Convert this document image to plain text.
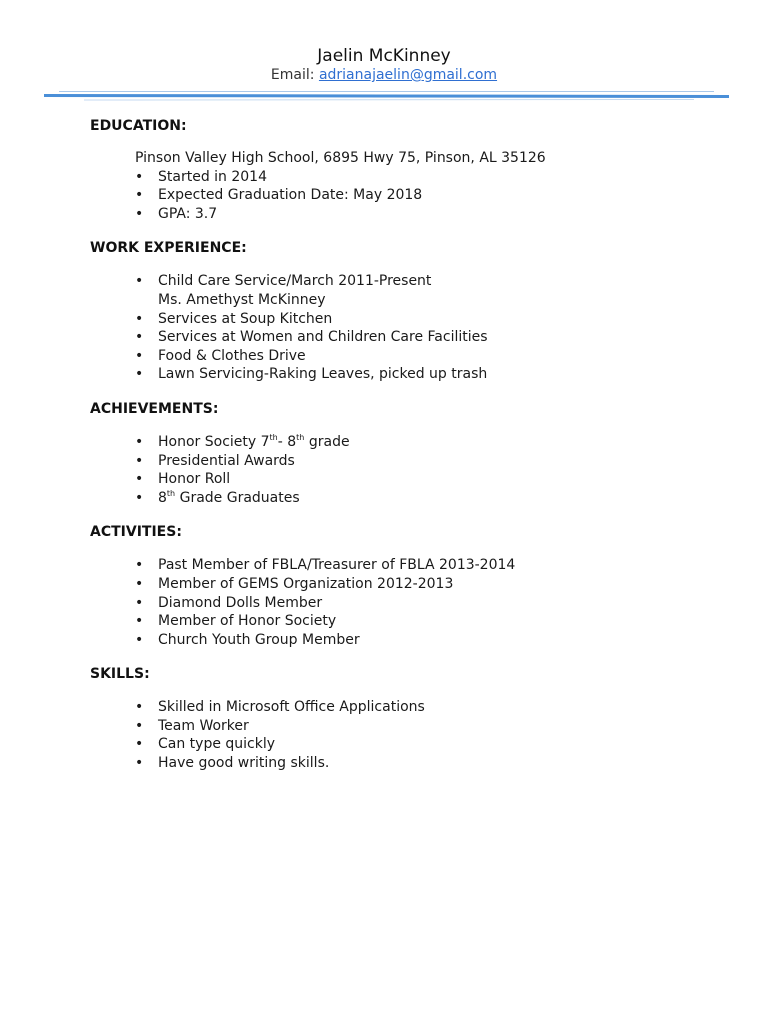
Jaelin McKinney
Email: adrianajaelin@gmail.com

EDUCATION:

Pinson Valley High School, 6895 Hwy 75, Pinson, AL 35126
• Started in 2014
• Expected Graduation Date: May 2018
• GPA: 3.7

WORK EXPERIENCE:

• Child Care Service/March 2011-Present
Ms. Amethyst McKinney
• Services at Soup Kitchen
• Services at Women and Children Care Facilities
• Food & Clothes Drive
• Lawn Servicing-Raking Leaves, picked up trash

ACHIEVEMENTS:

• Honor Society 7th- 8th grade
• Presidential Awards
• Honor Roll
• 8th Grade Graduates

ACTIVITIES:

• Past Member of FBLA/Treasurer of FBLA 2013-2014
• Member of GEMS Organization 2012-2013
• Diamond Dolls Member
• Member of Honor Society
• Church Youth Group Member

SKILLS:

• Skilled in Microsoft Office Applications
• Team Worker
• Can type quickly
• Have good writing skills.
